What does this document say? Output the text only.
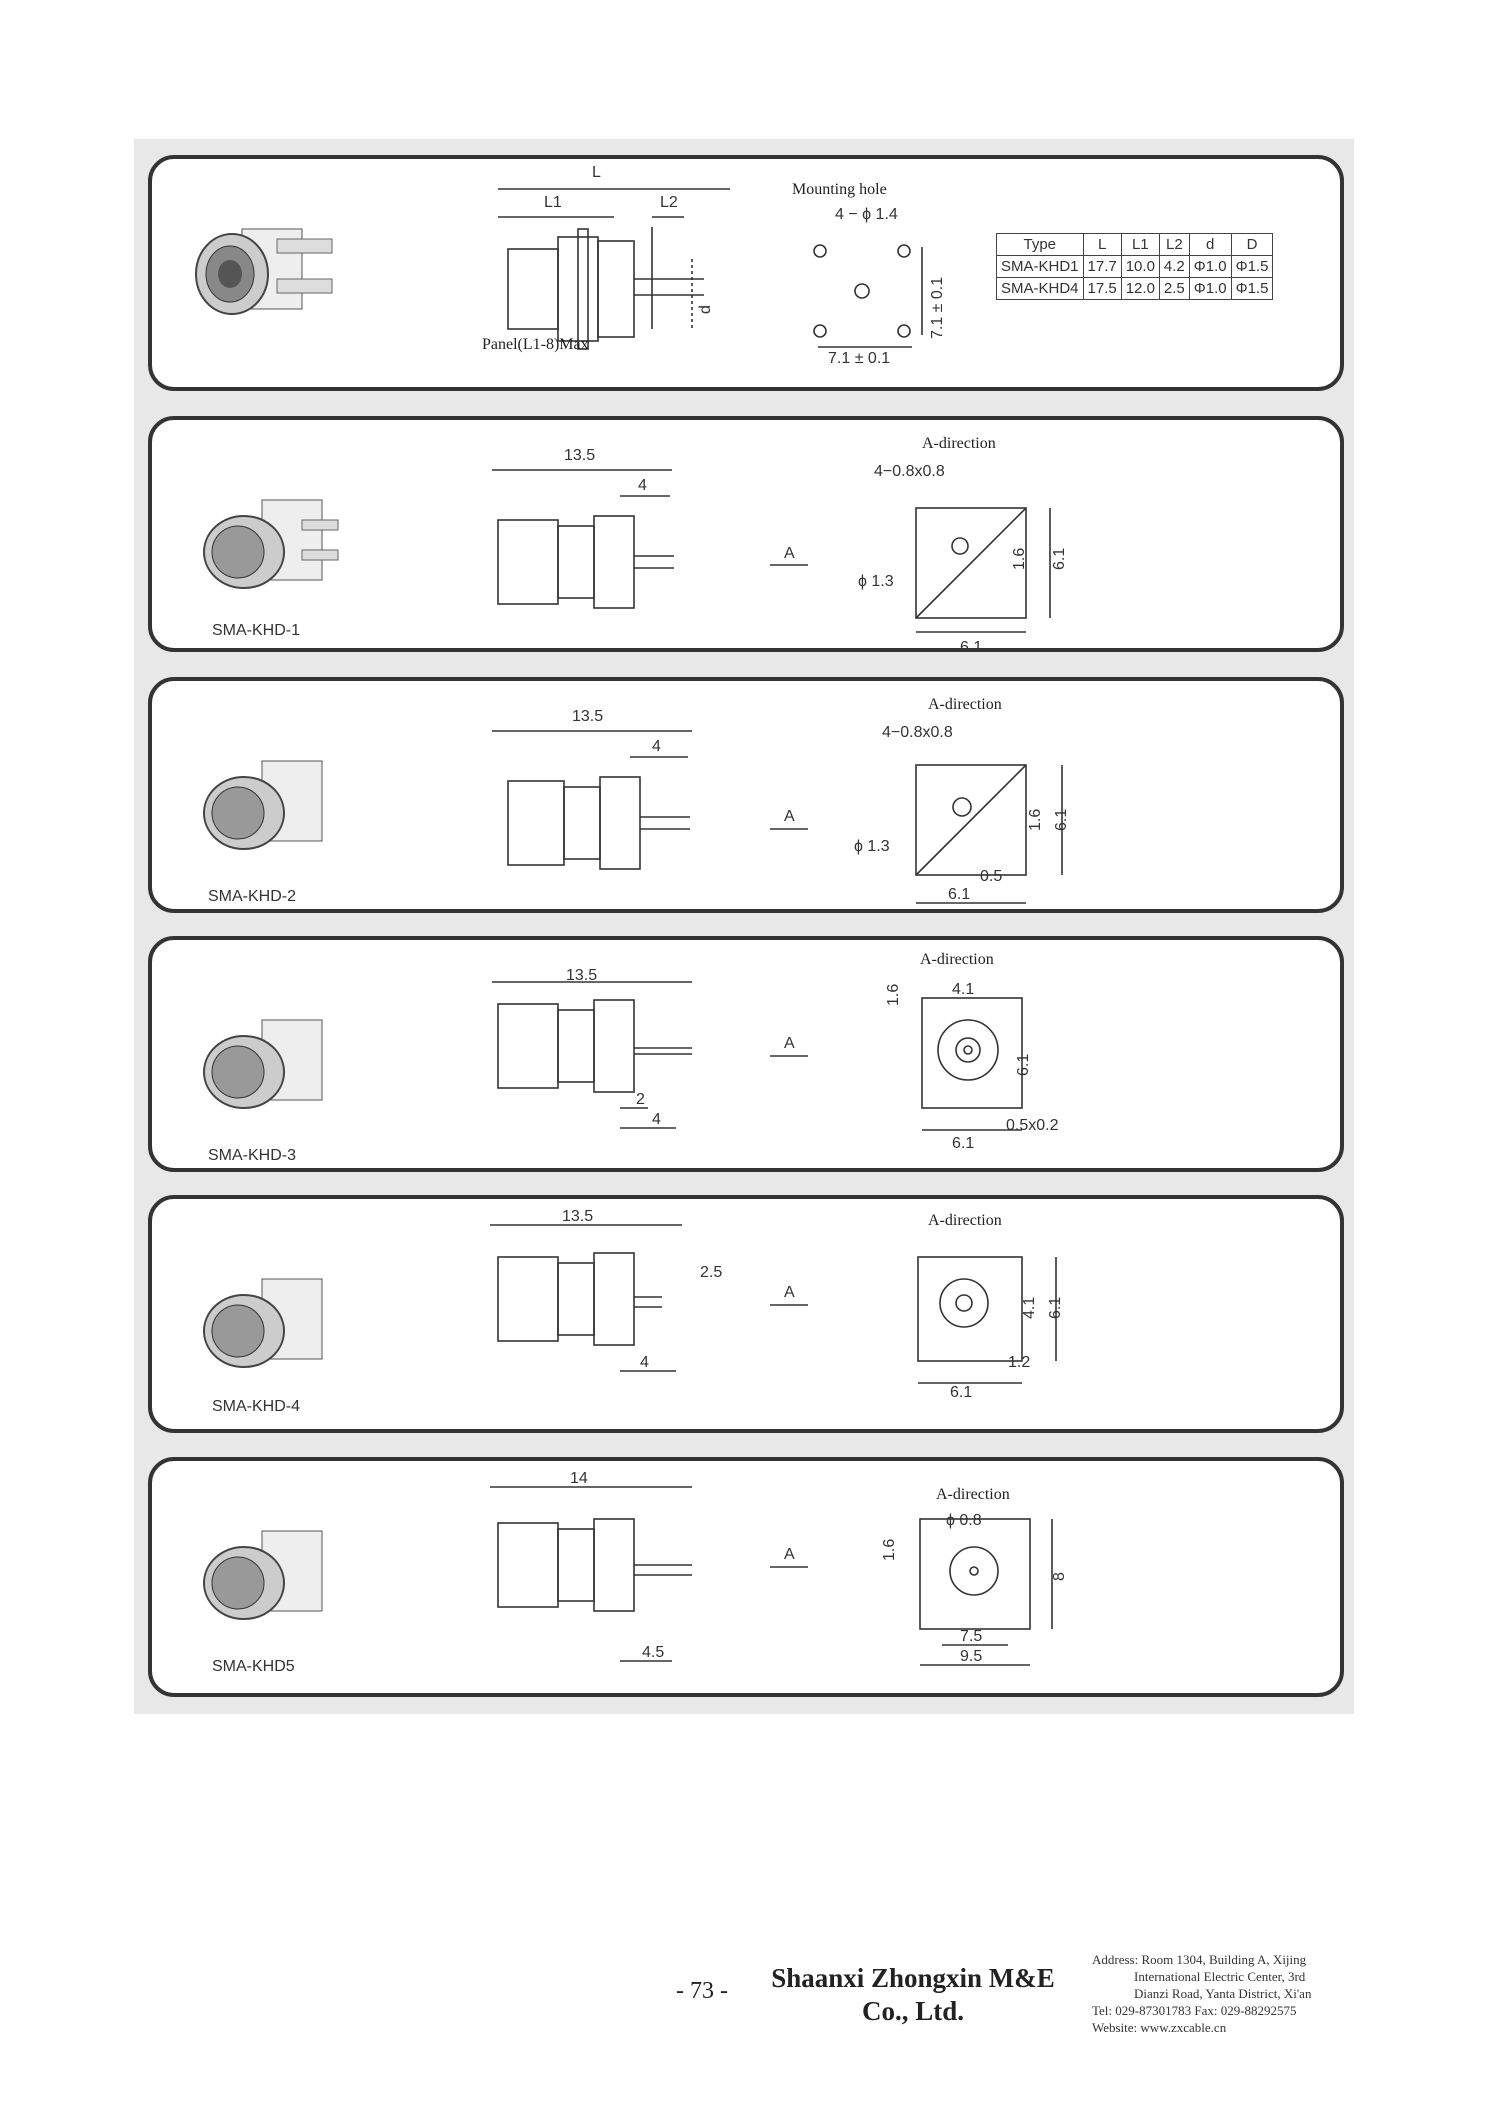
L
L1	L2
d
Panel(L1-8)Max
Mounting hole
4 − ϕ 1.4
7.1 ± 0.1
7.1 ± 0.1
Type	L	L1	L2	d	D
SMA-KHD1	17.7	10.0	4.2	Φ1.0	Φ1.5
SMA-KHD4	17.5	12.0	2.5	Φ1.0	Φ1.5
SMA-KHD-1
13.5
4
A
A-direction
4−0.8x0.8
ϕ 1.3
6.1
1.6 6.1
SMA-KHD-2
13.5
4
A
A-direction
4−0.8x0.8
ϕ 1.3
0.5
6.1
1.6 6.1
SMA-KHD-3
13.5
2
4
A
A-direction
4.1
1.6
6.1
0.5x0.2
6.1
SMA-KHD-4
13.5
2.5
4
A
A-direction
4.1 6.1
1.2
6.1
SMA-KHD5
14
4.5
A
A-direction
ϕ 0.8
1.6
8
7.5
9.5
- 73 - Shaanxi Zhongxin M&E
Co., Ltd.
Address: Room 1304, Building A, Xijing
International Electric Center, 3rd
Dianzi Road, Yanta District, Xi'an
Tel: 029-87301783 Fax: 029-88292575
Website: www.zxcable.cn
